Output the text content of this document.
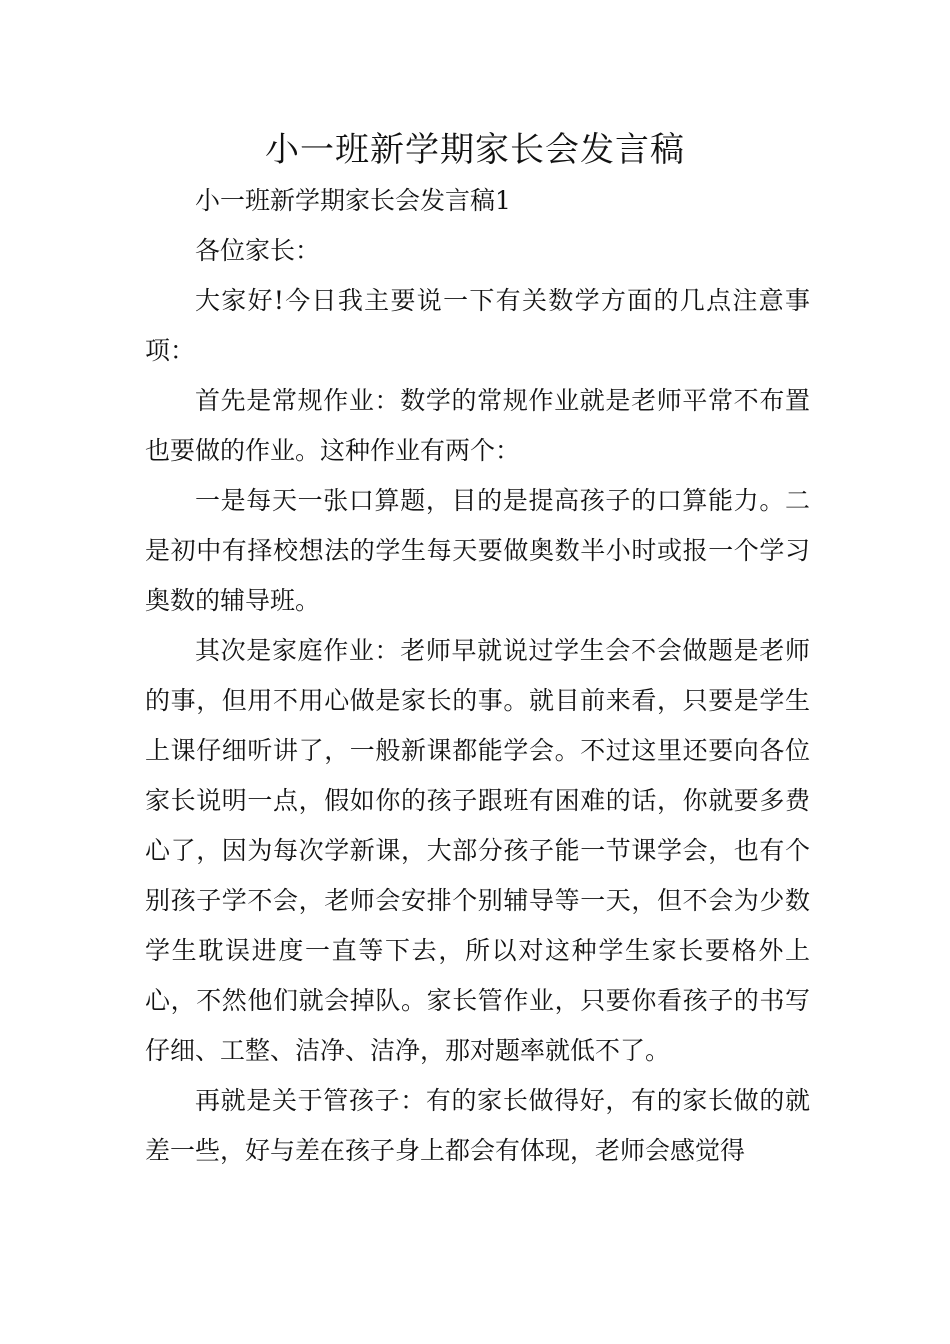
小一班新学期家长会发言稿

小一班新学期家长会发言稿1

各位家长：

大家好!今日我主要说一下有关数学方面的几点注意事项：

首先是常规作业：数学的常规作业就是老师平常不布置也要做的作业。这种作业有两个：

一是每天一张口算题，目的是提高孩子的口算能力。二是初中有择校想法的学生每天要做奥数半小时或报一个学习奥数的辅导班。

其次是家庭作业：老师早就说过学生会不会做题是老师的事，但用不用心做是家长的事。就目前来看，只要是学生上课仔细听讲了，一般新课都能学会。不过这里还要向各位家长说明一点，假如你的孩子跟班有困难的话，你就要多费心了，因为每次学新课，大部分孩子能一节课学会，也有个别孩子学不会，老师会安排个别辅导等一天，但不会为少数学生耽误进度一直等下去，所以对这种学生家长要格外上心，不然他们就会掉队。家长管作业，只要你看孩子的书写仔细、工整、洁净、洁净，那对题率就低不了。

再就是关于管孩子：有的家长做得好，有的家长做的就差一些，好与差在孩子身上都会有体现，老师会感觉得
